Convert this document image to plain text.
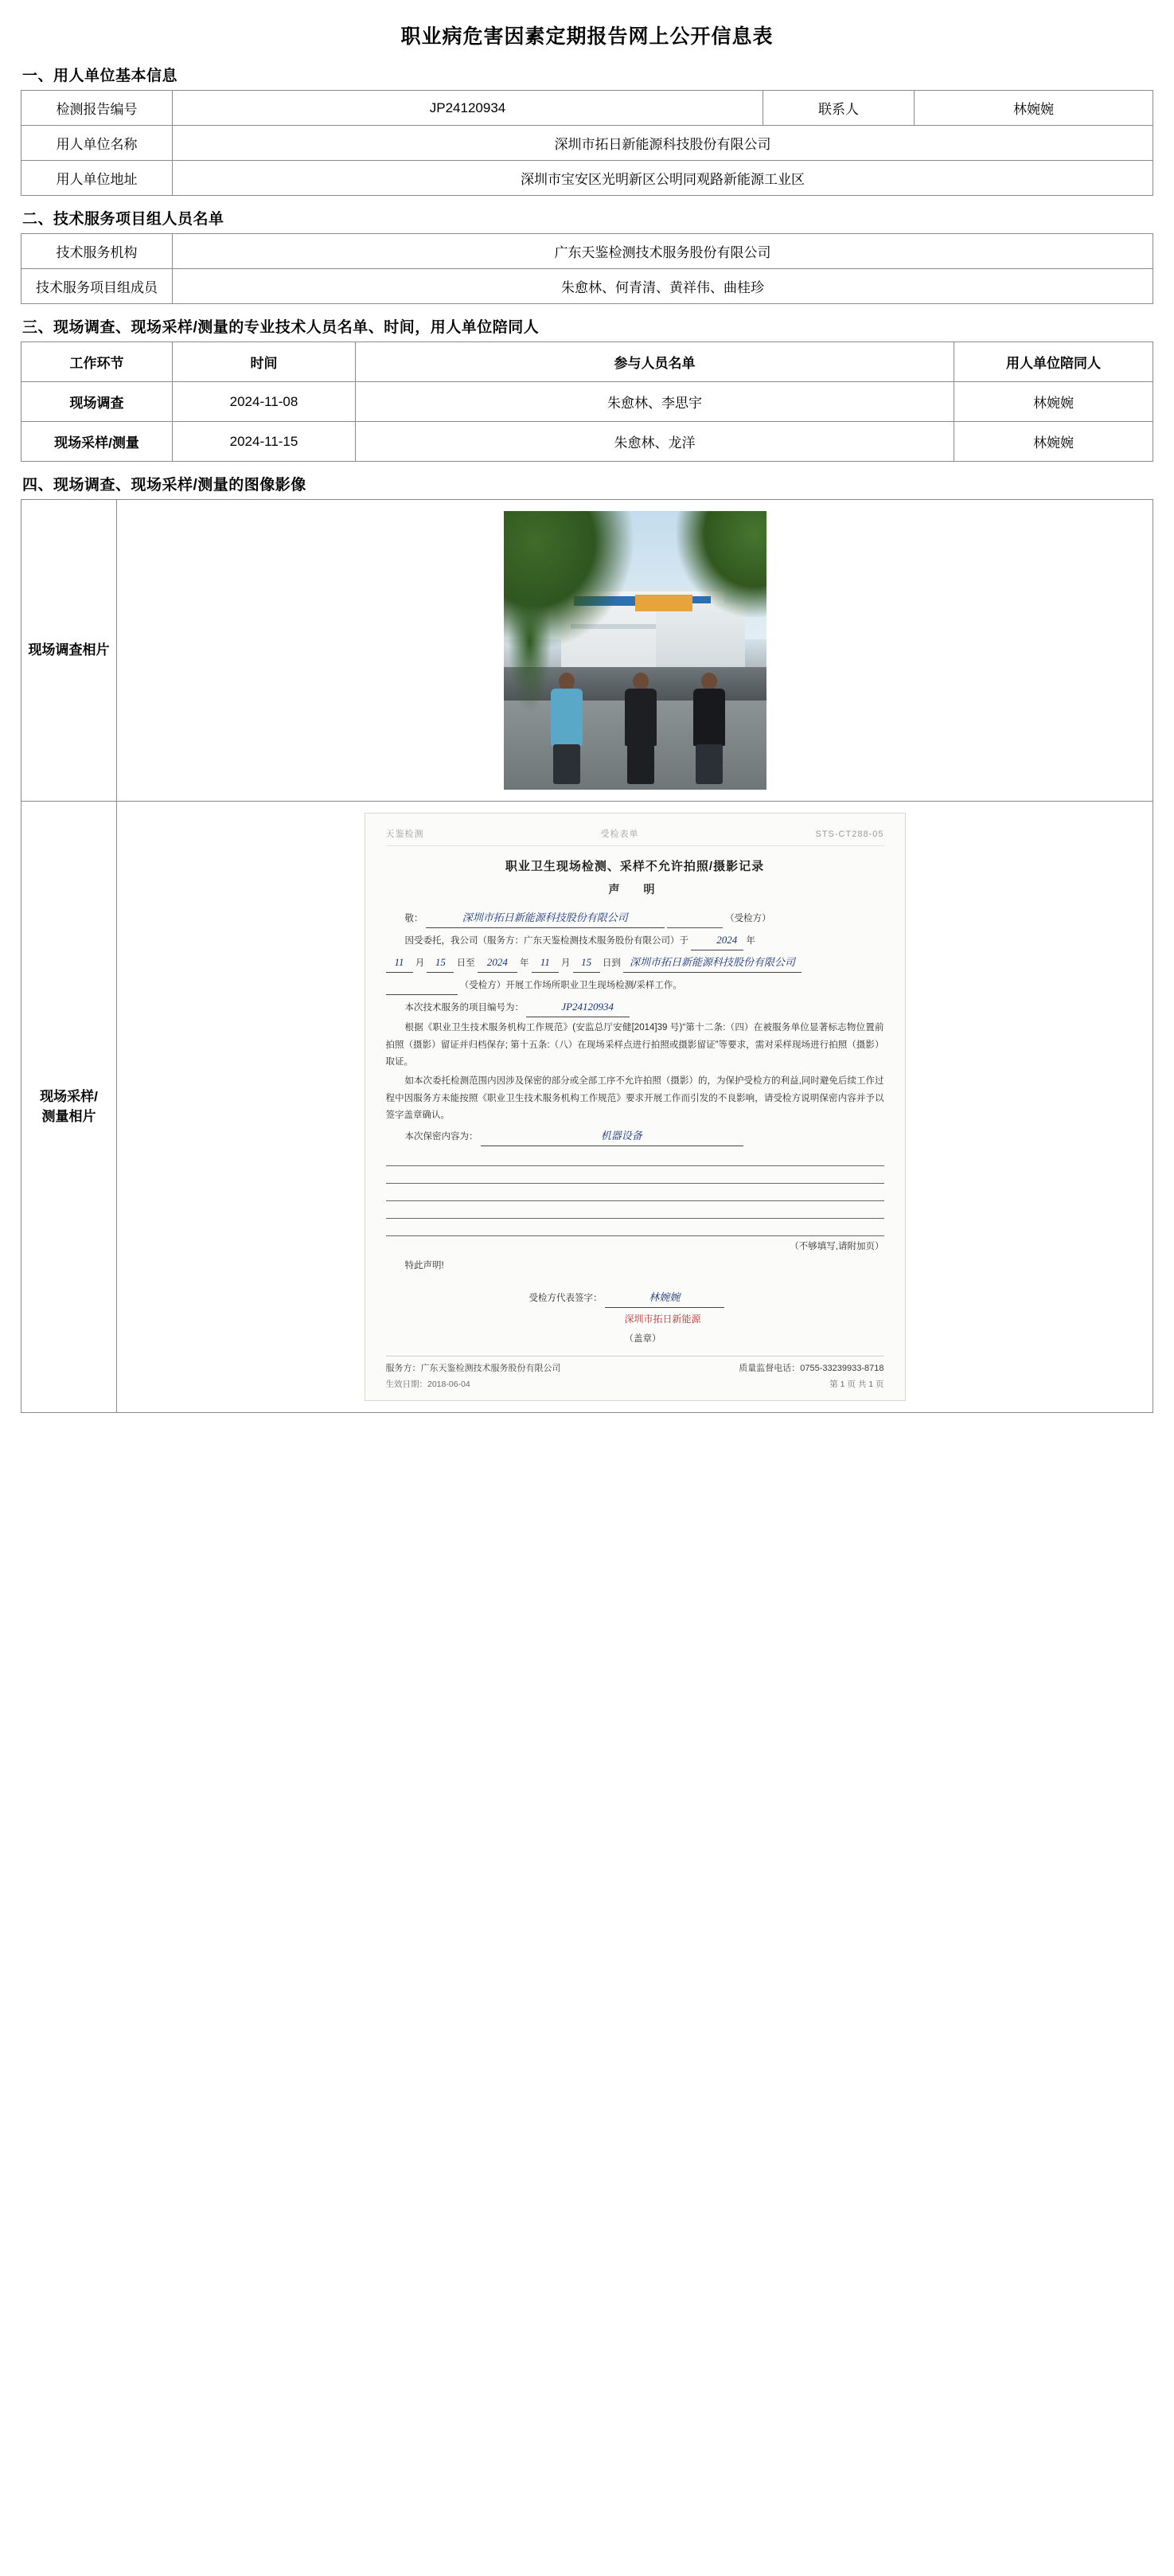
职业病危害因素定期报告网上公开信息表
一、用人单位基本信息
检测报告编号	JP24120934	联系人	林婉婉
用人单位名称	深圳市拓日新能源科技股份有限公司		
用人单位地址	深圳市宝安区光明新区公明同观路新能源工业区		
二、技术服务项目组人员名单
技术服务机构	广东天鉴检测技术服务股份有限公司
技术服务项目组成员	朱愈林、何青清、黄祥伟、曲桂珍
三、现场调查、现场采样/测量的专业技术人员名单、时间，用人单位陪同人
工作环节	时间	参与人员名单	用人单位陪同人
现场调查	2024-11-08	朱愈林、李思宇	林婉婉
现场采样/测量	2024-11-15	朱愈林、龙洋	林婉婉
四、现场调查、现场采样/测量的图像影像
现场调查相片	

现场采样/
测量相片	
天鉴检测	受检表单	STS-CT288-05
职业卫生现场检测、采样不允许拍照/摄影记录
声　明
敬：	深圳市拓日新能源科技股份有限公司	（受检方）
因受委托，我公司（服务方：广东天鉴检测技术服务股份有限公司）于	2024 年
11 月 15 日至 2024 年 11 月 15 日到 深圳市拓日新能源科技股份有限公司
（受检方）开展工作场所职业卫生现场检测/采样工作。
本次技术服务的项目编号为：	JP24120934
根据《职业卫生技术服务机构工作规范》(安监总厅安健[2014]39 号)“第十二条:（四）在被服务单位显著标志物位置前拍照（摄影）留证并归档保存; 第十五条:（八）在现场采样点进行拍照或摄影留证”等要求，需对采样现场进行拍照（摄影）取证。
如本次委托检测范围内因涉及保密的部分或全部工序不允许拍照（摄影）的，为保护受检方的利益,同时避免后续工作过程中因服务方未能按照《职业卫生技术服务机构工作规范》要求开展工作而引发的不良影响，请受检方说明保密内容并予以签字盖章确认。
本次保密内容为：	机器设备
（不够填写,请附加页）
特此声明!
受检方代表签字：	林婉婉
深圳市拓日新能源
（盖章）
服务方：广东天鉴检测技术服务股份有限公司	质量监督电话：0755-33239933-8718
生效日期：2018-06-04	第 1 页 共 1 页
